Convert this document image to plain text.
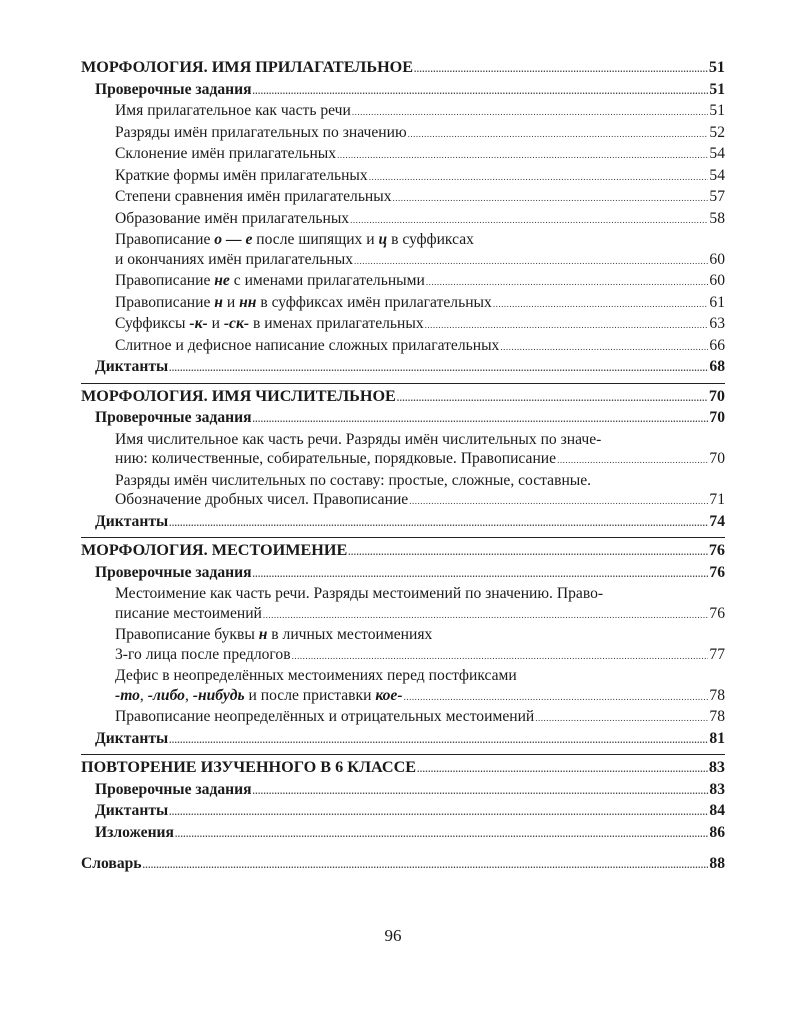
МОРФОЛОГИЯ. ИМЯ ПРИЛАГАТЕЛЬНОЕ .....	51
Проверочные задания .....	51
Имя прилагательное как часть речи .....	51
Разряды имён прилагательных по значению .....	52
Склонение имён прилагательных .....	54
Краткие формы имён прилагательных .....	54
Степени сравнения имён прилагательных .....	57
Образование имён прилагательных .....	58
Правописание о — е после шипящих и ц в суффиксах
и окончаниях имён прилагательных .....	60
Правописание не с именами прилагательными .....	60
Правописание н и нн в суффиксах имён прилагательных .....	61
Суффиксы -к- и -ск- в именах прилагательных .....	63
Слитное и дефисное написание сложных прилагательных .....	66
Диктанты .....	68
МОРФОЛОГИЯ. ИМЯ ЧИСЛИТЕЛЬНОЕ .....	70
Проверочные задания .....	70
Имя числительное как часть речи. Разряды имён числительных по значе-
нию: количественные, собирательные, порядковые. Правописание .....	70
Разряды имён числительных по составу: простые, сложные, составные.
Обозначение дробных чисел. Правописание .....	71
Диктанты .....	74
МОРФОЛОГИЯ. МЕСТОИМЕНИЕ .....	76
Проверочные задания .....	76
Местоимение как часть речи. Разряды местоимений по значению. Право-
писание местоимений .....	76
Правописание буквы н в личных местоимениях
3-го лица после предлогов .....	77
Дефис в неопределённых местоимениях перед постфиксами
-то, -либо, -нибудь и после приставки кое- .....	78
Правописание неопределённых и отрицательных местоимений .....	78
Диктанты .....	81
ПОВТОРЕНИЕ ИЗУЧЕННОГО В 6 КЛАССЕ .....	83
Проверочные задания .....	83
Диктанты .....	84
Изложения .....	86
Словарь .....	88
96
